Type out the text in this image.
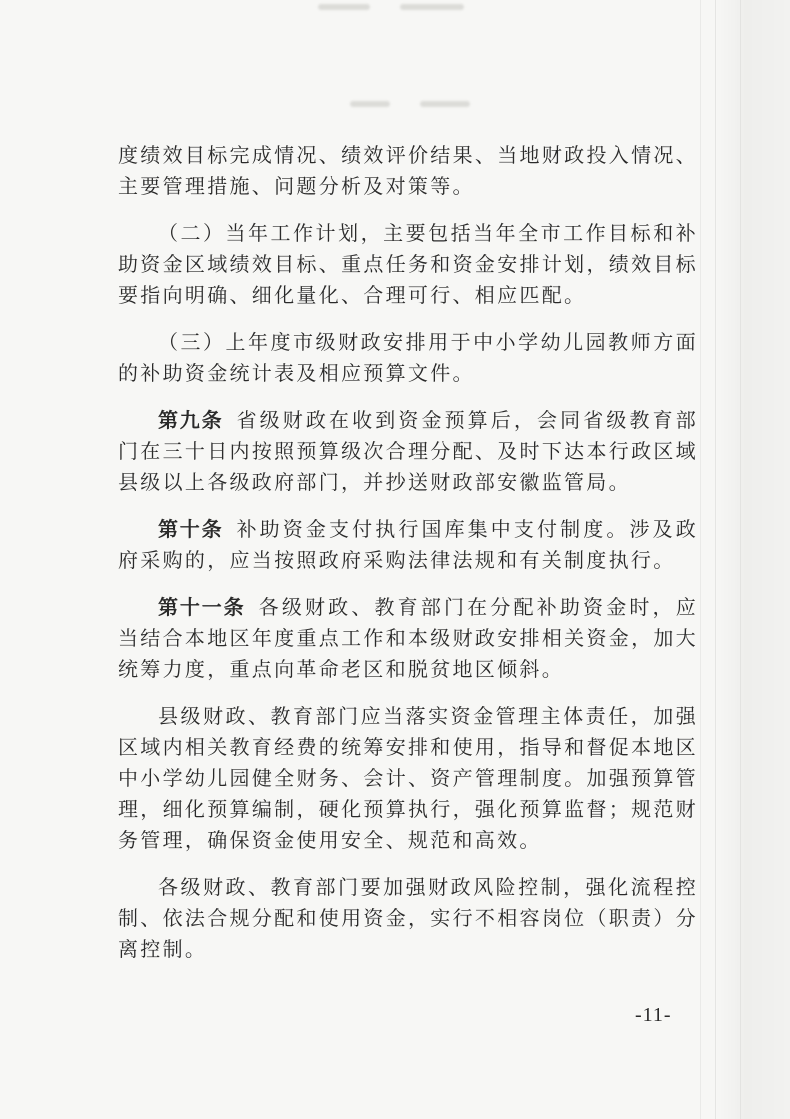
度绩效目标完成情况、绩效评价结果、当地财政投入情况、主要管理措施、问题分析及对策等。

（二）当年工作计划，主要包括当年全市工作目标和补助资金区域绩效目标、重点任务和资金安排计划，绩效目标要指向明确、细化量化、合理可行、相应匹配。

（三）上年度市级财政安排用于中小学幼儿园教师方面的补助资金统计表及相应预算文件。

第九条  省级财政在收到资金预算后，会同省级教育部门在三十日内按照预算级次合理分配、及时下达本行政区域县级以上各级政府部门，并抄送财政部安徽监管局。

第十条  补助资金支付执行国库集中支付制度。涉及政府采购的，应当按照政府采购法律法规和有关制度执行。

第十一条  各级财政、教育部门在分配补助资金时，应当结合本地区年度重点工作和本级财政安排相关资金，加大统筹力度，重点向革命老区和脱贫地区倾斜。

县级财政、教育部门应当落实资金管理主体责任，加强区域内相关教育经费的统筹安排和使用，指导和督促本地区中小学幼儿园健全财务、会计、资产管理制度。加强预算管理，细化预算编制，硬化预算执行，强化预算监督；规范财务管理，确保资金使用安全、规范和高效。

各级财政、教育部门要加强财政风险控制，强化流程控制、依法合规分配和使用资金，实行不相容岗位（职责）分离控制。

-11-
